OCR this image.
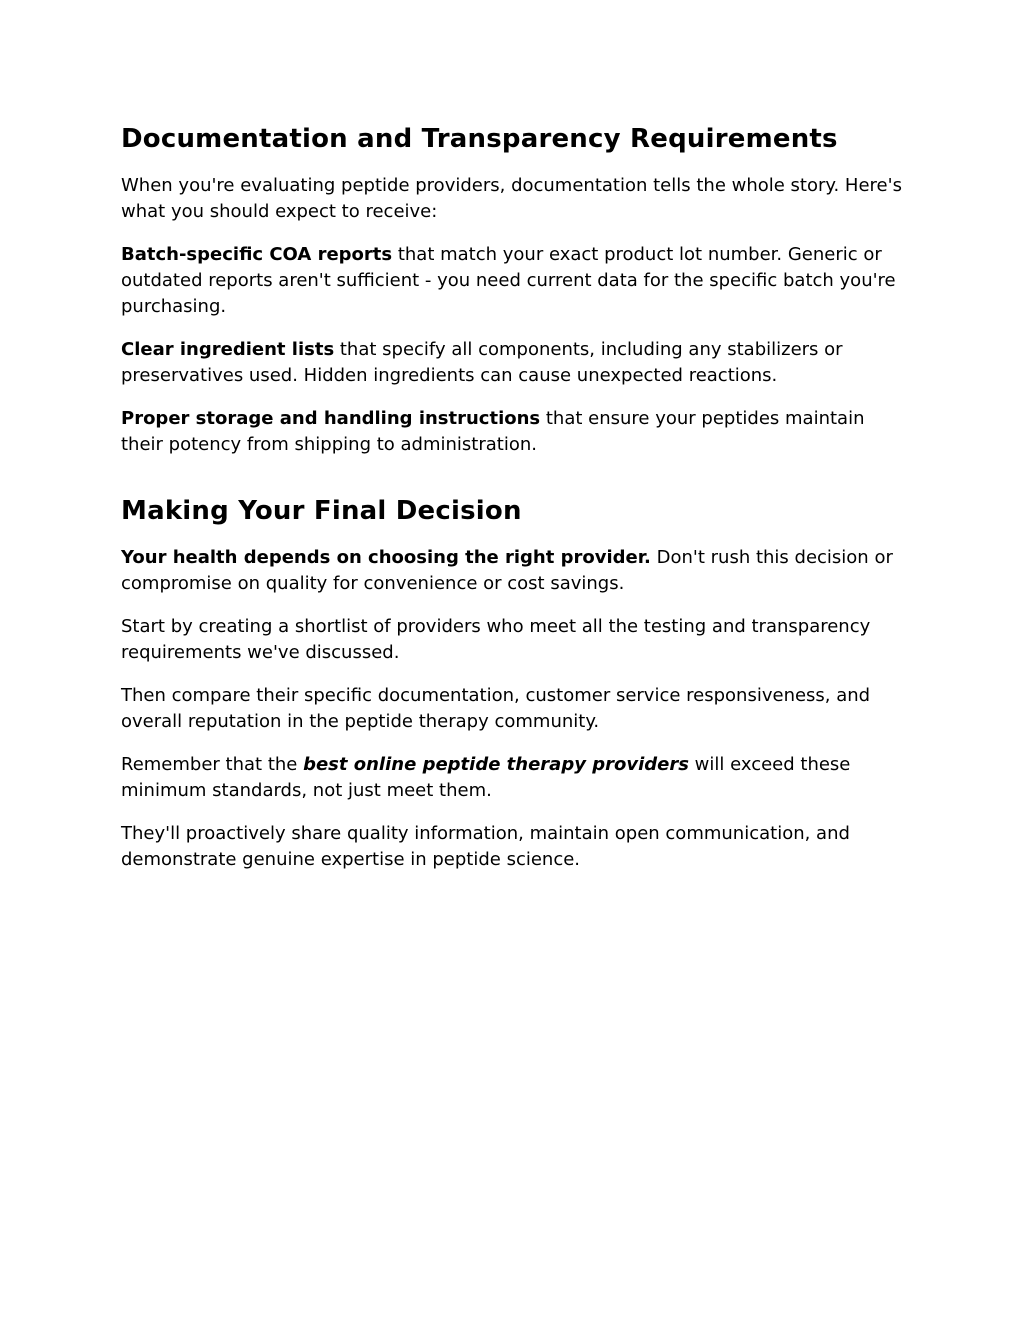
Documentation and Transparency Requirements

When you're evaluating peptide providers, documentation tells the whole story. Here's what you should expect to receive:

Batch-specific COA reports that match your exact product lot number. Generic or outdated reports aren't sufficient - you need current data for the specific batch you're purchasing.

Clear ingredient lists that specify all components, including any stabilizers or preservatives used. Hidden ingredients can cause unexpected reactions.

Proper storage and handling instructions that ensure your peptides maintain their potency from shipping to administration.

Making Your Final Decision

Your health depends on choosing the right provider. Don't rush this decision or compromise on quality for convenience or cost savings.

Start by creating a shortlist of providers who meet all the testing and transparency requirements we've discussed.

Then compare their specific documentation, customer service responsiveness, and overall reputation in the peptide therapy community.

Remember that the best online peptide therapy providers will exceed these minimum standards, not just meet them.

They'll proactively share quality information, maintain open communication, and demonstrate genuine expertise in peptide science.
